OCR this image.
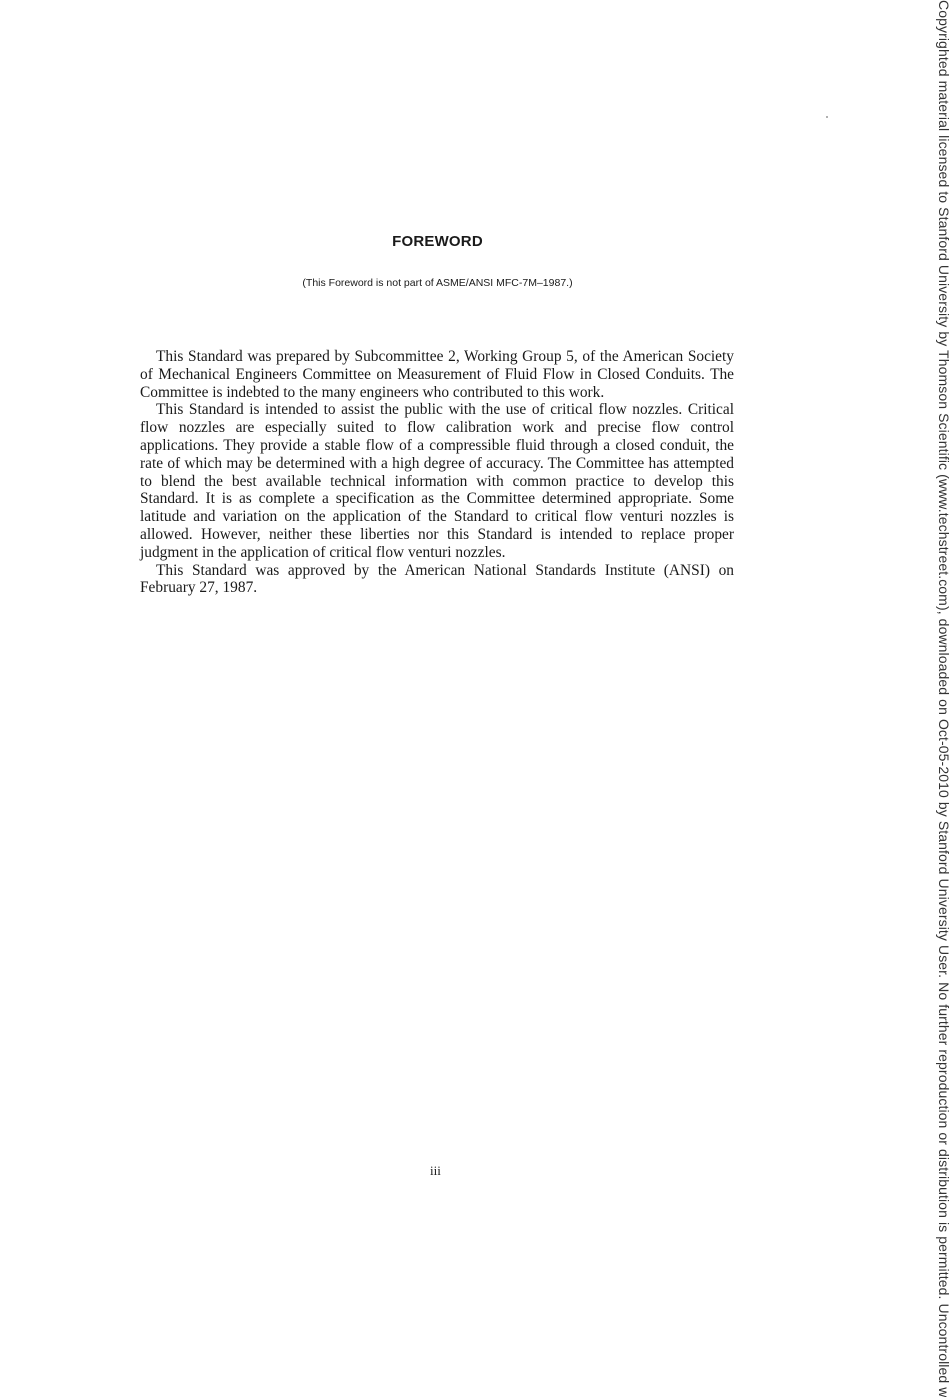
FOREWORD
(This Foreword is not part of ASME/ANSI MFC-7M–1987.)

This Standard was prepared by Subcommittee 2, Working Group 5, of the American Society of Mechanical Engineers Committee on Measurement of Fluid Flow in Closed Conduits. The Committee is indebted to the many engineers who contributed to this work.

This Standard is intended to assist the public with the use of critical flow nozzles. Critical flow nozzles are especially suited to flow calibration work and precise flow control applications. They provide a stable flow of a compressible fluid through a closed conduit, the rate of which may be determined with a high degree of accuracy. The Committee has attempted to blend the best available technical information with common practice to develop this Standard. It is as complete a specification as the Committee determined appropriate. Some latitude and variation on the application of the Standard to critical flow venturi nozzles is allowed. However, neither these liberties nor this Standard is intended to replace proper judgment in the application of critical flow venturi nozzles.

This Standard was approved by the American National Standards Institute (ANSI) on February 27, 1987.

iii	Copyrighted material licensed to Stanford University by Thomson Scientific (www.techstreet.com), downloaded on Oct-05-2010 by Stanford University User. No further reproduction or distribution is permitted. Uncontrolled w
